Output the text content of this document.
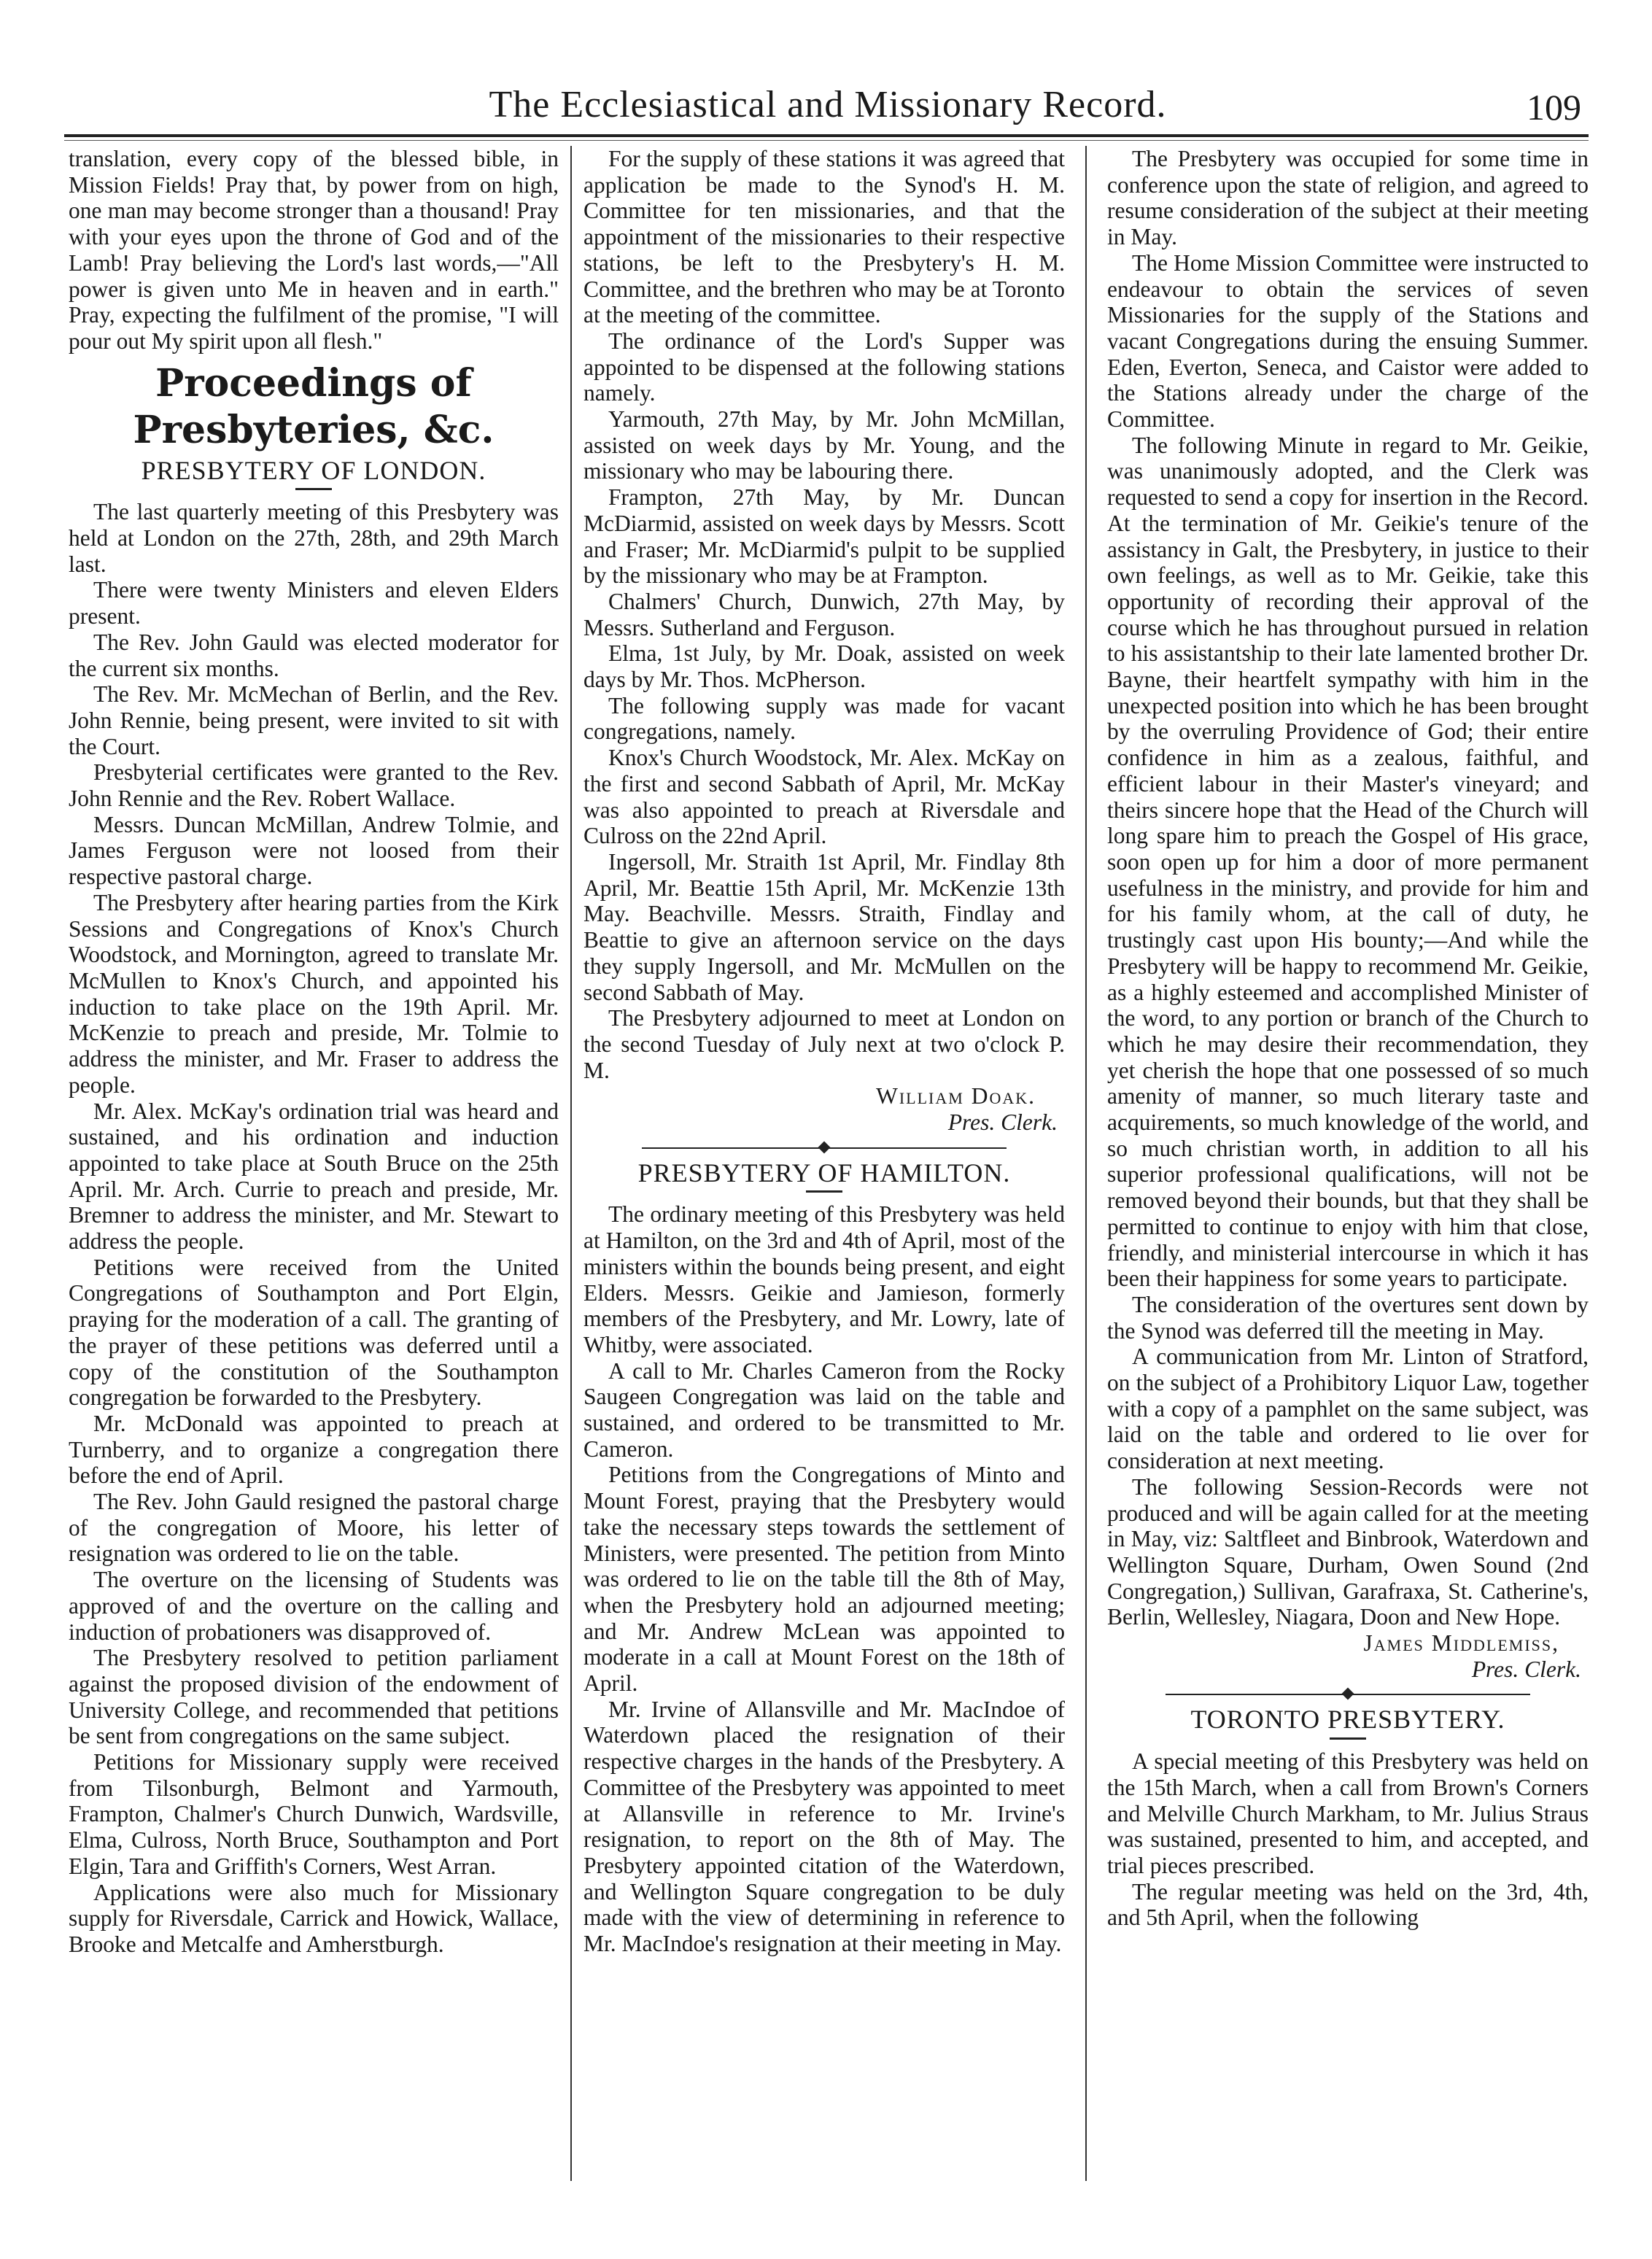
The Ecclesiastical and Missionary Record.	109

translation, every copy of the blessed bible, in Mission Fields! Pray that, by power from on high, one man may become stronger than a thousand! Pray with your eyes upon the throne of God and of the Lamb! Pray believing the Lord's last words,—"All power is given unto Me in heaven and in earth." Pray, expecting the fulfilment of the promise, "I will pour out My spirit upon all flesh."

Proceedings of Presbyteries, &c.
PRESBYTERY OF LONDON.

The last quarterly meeting of this Presbytery was held at London on the 27th, 28th, and 29th March last.

There were twenty Ministers and eleven Elders present.

The Rev. John Gauld was elected moderator for the current six months.

The Rev. Mr. McMechan of Berlin, and the Rev. John Rennie, being present, were invited to sit with the Court.

Presbyterial certificates were granted to the Rev. John Rennie and the Rev. Robert Wallace.

Messrs. Duncan McMillan, Andrew Tolmie, and James Ferguson were not loosed from their respective pastoral charge.

The Presbytery after hearing parties from the Kirk Sessions and Congregations of Knox's Church Woodstock, and Mornington, agreed to translate Mr. McMullen to Knox's Church, and appointed his induction to take place on the 19th April. Mr. McKenzie to preach and preside, Mr. Tolmie to address the minister, and Mr. Fraser to address the people.

Mr. Alex. McKay's ordination trial was heard and sustained, and his ordination and induction appointed to take place at South Bruce on the 25th April. Mr. Arch. Currie to preach and preside, Mr. Bremner to address the minister, and Mr. Stewart to address the people.

Petitions were received from the United Congregations of Southampton and Port Elgin, praying for the moderation of a call. The granting of the prayer of these petitions was deferred until a copy of the constitution of the Southampton congregation be forwarded to the Presbytery.

Mr. McDonald was appointed to preach at Turnberry, and to organize a congregation there before the end of April.

The Rev. John Gauld resigned the pastoral charge of the congregation of Moore, his letter of resignation was ordered to lie on the table.

The overture on the licensing of Students was approved of and the overture on the calling and induction of probationers was disapproved of.

The Presbytery resolved to petition parliament against the proposed division of the endowment of University College, and recommended that petitions be sent from congregations on the same subject.

Petitions for Missionary supply were received from Tilsonburgh, Belmont and Yarmouth, Frampton, Chalmer's Church Dunwich, Wardsville, Elma, Culross, North Bruce, Southampton and Port Elgin, Tara and Griffith's Corners, West Arran.

Applications were also much for Missionary supply for Riversdale, Carrick and Howick, Wallace, Brooke and Metcalfe and Amherstburgh.

For the supply of these stations it was agreed that application be made to the Synod's H. M. Committee for ten missionaries, and that the appointment of the missionaries to their respective stations, be left to the Presbytery's H. M. Committee, and the brethren who may be at Toronto at the meeting of the committee.

The ordinance of the Lord's Supper was appointed to be dispensed at the following stations namely.

Yarmouth, 27th May, by Mr. John McMillan, assisted on week days by Mr. Young, and the missionary who may be labouring there.

Frampton, 27th May, by Mr. Duncan McDiarmid, assisted on week days by Messrs. Scott and Fraser; Mr. McDiarmid's pulpit to be supplied by the missionary who may be at Frampton.

Chalmers' Church, Dunwich, 27th May, by Messrs. Sutherland and Ferguson.

Elma, 1st July, by Mr. Doak, assisted on week days by Mr. Thos. McPherson.

The following supply was made for vacant congregations, namely.

Knox's Church Woodstock, Mr. Alex. McKay on the first and second Sabbath of April, Mr. McKay was also appointed to preach at Riversdale and Culross on the 22nd April.

Ingersoll, Mr. Straith 1st April, Mr. Findlay 8th April, Mr. Beattie 15th April, Mr. McKenzie 13th May. Beachville. Messrs. Straith, Findlay and Beattie to give an afternoon service on the days they supply Ingersoll, and Mr. McMullen on the second Sabbath of May.

The Presbytery adjourned to meet at London on the second Tuesday of July next at two o'clock P. M.

William Doak.

Pres. Clerk.

PRESBYTERY OF HAMILTON.

The ordinary meeting of this Presbytery was held at Hamilton, on the 3rd and 4th of April, most of the ministers within the bounds being present, and eight Elders. Messrs. Geikie and Jamieson, formerly members of the Presbytery, and Mr. Lowry, late of Whitby, were associated.

A call to Mr. Charles Cameron from the Rocky Saugeen Congregation was laid on the table and sustained, and ordered to be transmitted to Mr. Cameron.

Petitions from the Congregations of Minto and Mount Forest, praying that the Presbytery would take the necessary steps towards the settlement of Ministers, were presented. The petition from Minto was ordered to lie on the table till the 8th of May, when the Presbytery hold an adjourned meeting; and Mr. Andrew McLean was appointed to moderate in a call at Mount Forest on the 18th of April.

Mr. Irvine of Allansville and Mr. MacIndoe of Waterdown placed the resignation of their respective charges in the hands of the Presbytery. A Committee of the Presbytery was appointed to meet at Allansville in reference to Mr. Irvine's resignation, to report on the 8th of May. The Presbytery appointed citation of the Waterdown, and Wellington Square congregation to be duly made with the view of determining in reference to Mr. MacIndoe's resignation at their meeting in May.

The Presbytery was occupied for some time in conference upon the state of religion, and agreed to resume consideration of the subject at their meeting in May.

The Home Mission Committee were instructed to endeavour to obtain the services of seven Missionaries for the supply of the Stations and vacant Congregations during the ensuing Summer. Eden, Everton, Seneca, and Caistor were added to the Stations already under the charge of the Committee.

The following Minute in regard to Mr. Geikie, was unanimously adopted, and the Clerk was requested to send a copy for insertion in the Record. At the termination of Mr. Geikie's tenure of the assistancy in Galt, the Presbytery, in justice to their own feelings, as well as to Mr. Geikie, take this opportunity of recording their approval of the course which he has throughout pursued in relation to his assistantship to their late lamented brother Dr. Bayne, their heartfelt sympathy with him in the unexpected position into which he has been brought by the overruling Providence of God; their entire confidence in him as a zealous, faithful, and efficient labour in their Master's vineyard; and theirs sincere hope that the Head of the Church will long spare him to preach the Gospel of His grace, soon open up for him a door of more permanent usefulness in the ministry, and provide for him and for his family whom, at the call of duty, he trustingly cast upon His bounty;—And while the Presbytery will be happy to recommend Mr. Geikie, as a highly esteemed and accomplished Minister of the word, to any portion or branch of the Church to which he may desire their recommendation, they yet cherish the hope that one possessed of so much amenity of manner, so much literary taste and acquirements, so much knowledge of the world, and so much christian worth, in addition to all his superior professional qualifications, will not be removed beyond their bounds, but that they shall be permitted to continue to enjoy with him that close, friendly, and ministerial intercourse in which it has been their happiness for some years to participate.

The consideration of the overtures sent down by the Synod was deferred till the meeting in May.

A communication from Mr. Linton of Stratford, on the subject of a Prohibitory Liquor Law, together with a copy of a pamphlet on the same subject, was laid on the table and ordered to lie over for consideration at next meeting.

The following Session-Records were not produced and will be again called for at the meeting in May, viz: Saltfleet and Binbrook, Waterdown and Wellington Square, Durham, Owen Sound (2nd Congregation,) Sullivan, Garafraxa, St. Catherine's, Berlin, Wellesley, Niagara, Doon and New Hope.

James Middlemiss,

Pres. Clerk.

TORONTO PRESBYTERY.

A special meeting of this Presbytery was held on the 15th March, when a call from Brown's Corners and Melville Church Markham, to Mr. Julius Straus was sustained, presented to him, and accepted, and trial pieces prescribed.

The regular meeting was held on the 3rd, 4th, and 5th April, when the following
